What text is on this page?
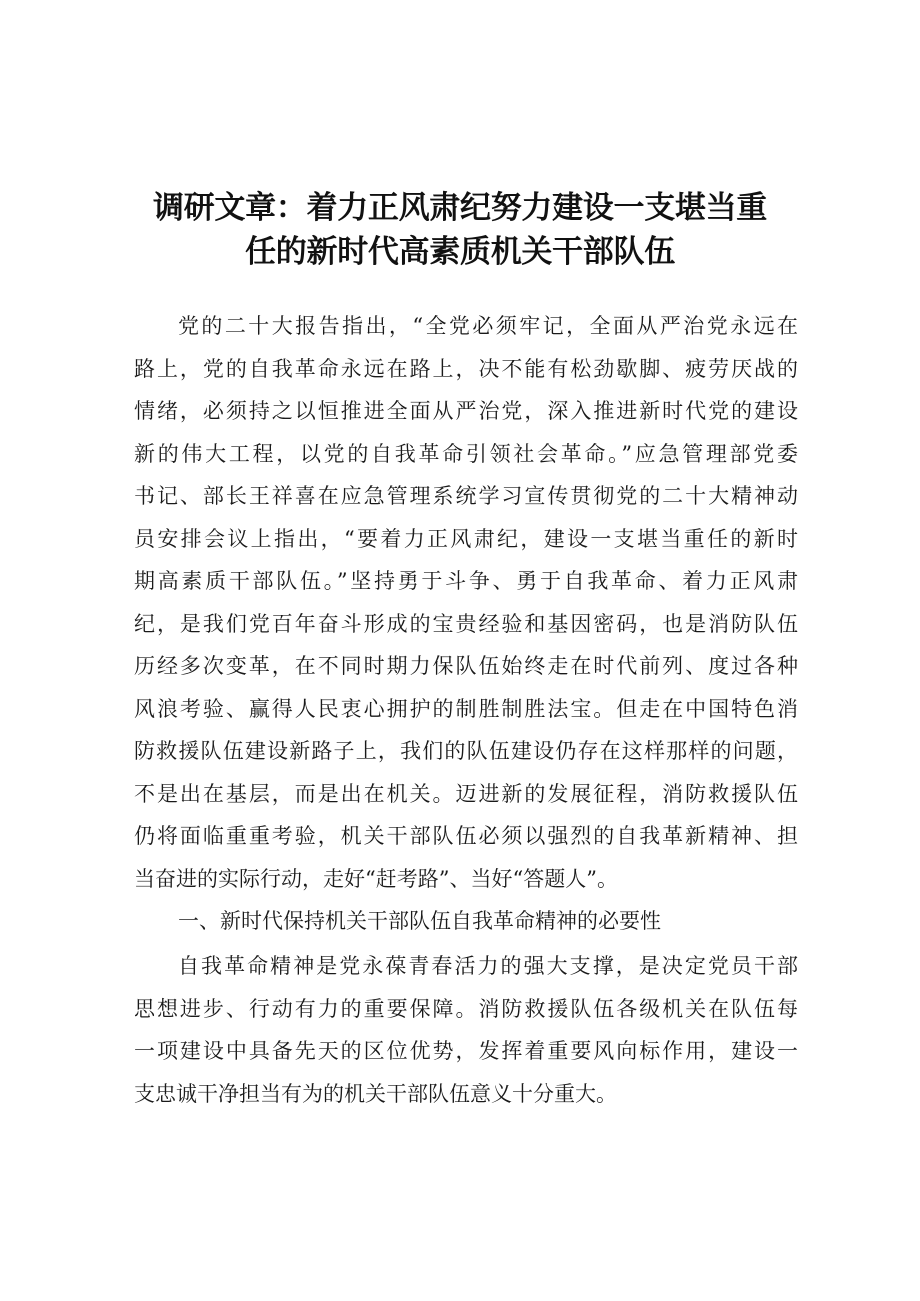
调研文章：着力正风肃纪努力建设一支堪当重
任的新时代高素质机关干部队伍
党的二十大报告指出，“全党必须牢记，全面从严治党永远在
路上，党的自我革命永远在路上，决不能有松劲歇脚、疲劳厌战的
情绪，必须持之以恒推进全面从严治党，深入推进新时代党的建设
新的伟大工程，以党的自我革命引领社会革命。”应急管理部党委
书记、部长王祥喜在应急管理系统学习宣传贯彻党的二十大精神动
员安排会议上指出，“要着力正风肃纪，建设一支堪当重任的新时
期高素质干部队伍。”坚持勇于斗争、勇于自我革命、着力正风肃
纪，是我们党百年奋斗形成的宝贵经验和基因密码，也是消防队伍
历经多次变革，在不同时期力保队伍始终走在时代前列、度过各种
风浪考验、赢得人民衷心拥护的制胜制胜法宝。但走在中国特色消
防救援队伍建设新路子上，我们的队伍建设仍存在这样那样的问题，
不是出在基层，而是出在机关。迈进新的发展征程，消防救援队伍
仍将面临重重考验，机关干部队伍必须以强烈的自我革新精神、担
当奋进的实际行动，走好“赶考路”、当好“答题人”。
一、新时代保持机关干部队伍自我革命精神的必要性
自我革命精神是党永葆青春活力的强大支撑，是决定党员干部
思想进步、行动有力的重要保障。消防救援队伍各级机关在队伍每
一项建设中具备先天的区位优势，发挥着重要风向标作用，建设一
支忠诚干净担当有为的机关干部队伍意义十分重大。
